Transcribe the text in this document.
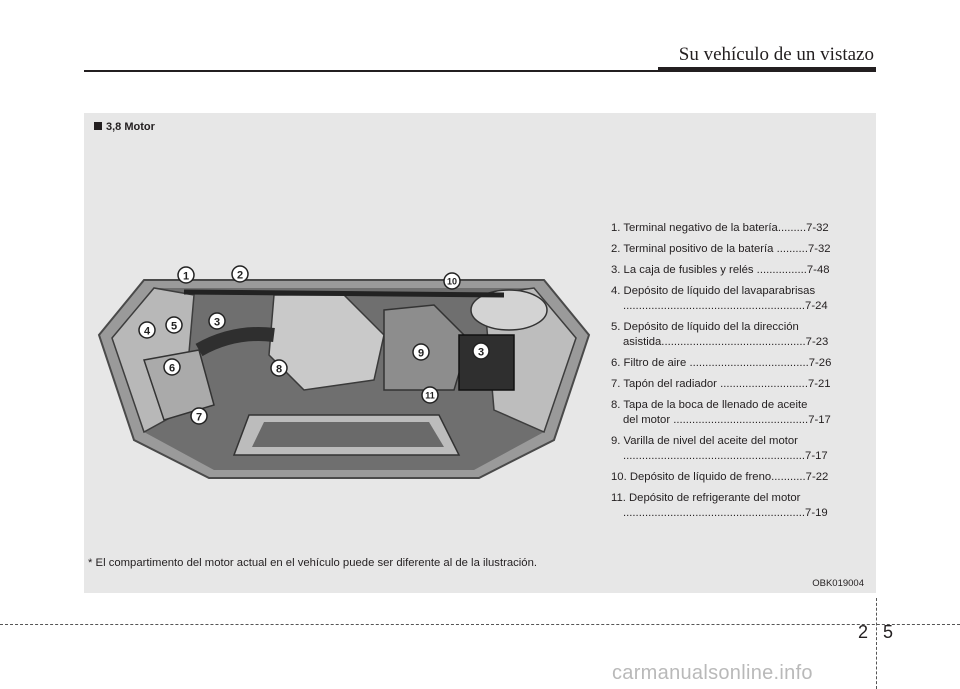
Su vehículo de un vistazo
3,8 Motor
1	2
3
4 5
6
7
8
9
10
11
3
1. Terminal negativo de la batería.........7-32
2. Terminal positivo de la batería ..........7-32
3. La caja de fusibles y relés ................7-48
4. Depósito de líquido del lavaparabrisas
..........................................................7-24
5. Depósito de líquido del la dirección
asistida..............................................7-23
6. Filtro de aire ......................................7-26
7. Tapón del radiador ............................7-21
8. Tapa de la boca de llenado de aceite
del motor ...........................................7-17
9. Varilla de nivel del aceite del motor
..........................................................7-17
10. Depósito de líquido de freno...........7-22
11. Depósito de refrigerante del motor
..........................................................7-19
* El compartimento del motor actual en el vehículo puede ser diferente al de la ilustración.
OBK019004
2 5
carmanualsonline.info
